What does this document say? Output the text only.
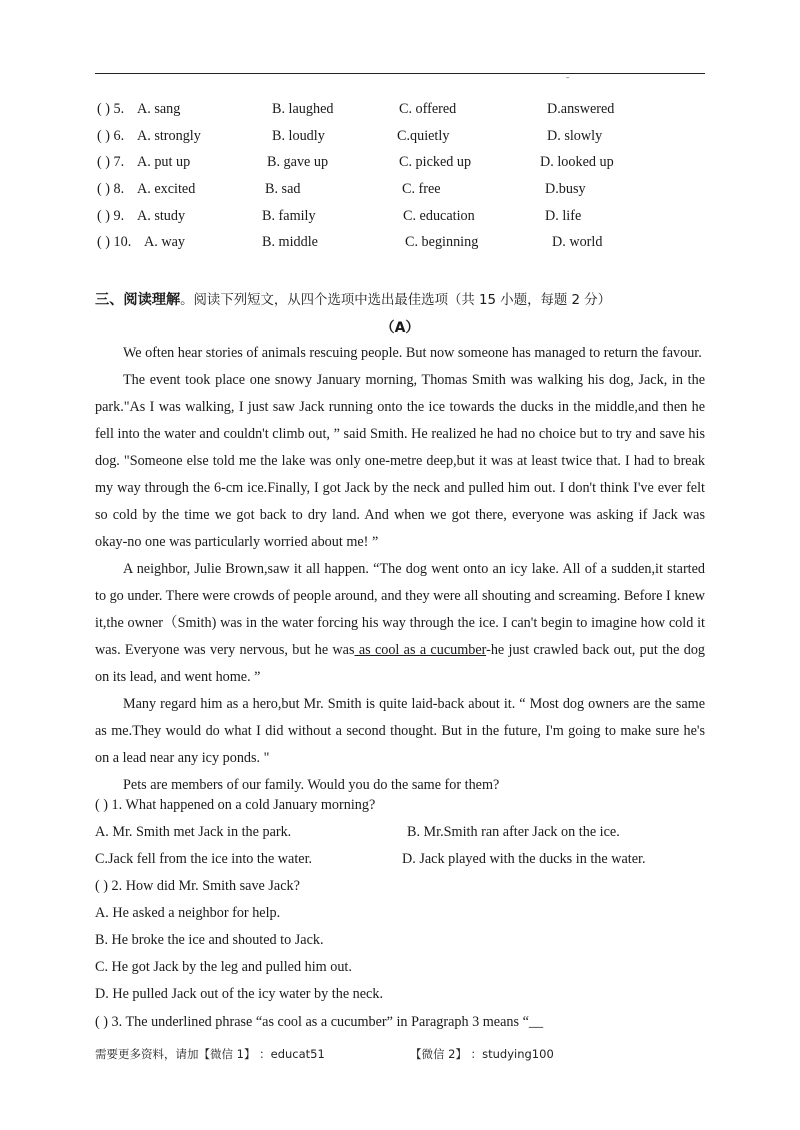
ˉ
( ) 5. A. sang	B. laughed	C. offered	D.answered
( ) 6. A. strongly	B. loudly	C.quietly	D. slowly
( ) 7. A. put up	B. gave up	C. picked up	D. looked up
( ) 8. A. excited	B. sad	C. free	D.busy
( ) 9. A. study	B. family	C. education	D. life
( ) 10. A. way	B. middle	C. beginning	D. world
三、阅读理解。阅读下列短文，从四个选项中选出最佳选项（共 15 小题，每题 2 分）
（A）

We often hear stories of animals rescuing people. But now someone has managed to return the favour.

The event took place one snowy January morning, Thomas Smith was walking his dog, Jack, in the park."As I was walking, I just saw Jack running onto the ice towards the ducks in the middle,and then he fell into the water and couldn't climb out, ” said Smith. He realized he had no choice but to try and save his dog. "Someone else told me the lake was only one-metre deep,but it was at least twice that. I had to break my way through the 6-cm ice.Finally, I got Jack by the neck and pulled him out. I don't think I've ever felt so cold by the time we got back to dry land. And when we got there, everyone was asking if Jack was okay-no one was particularly worried about me! ”

A neighbor, Julie Brown,saw it all happen. “The dog went onto an icy lake. All of a sudden,it started to go under. There were crowds of people around, and they were all shouting and screaming. Before I knew it,the owner（Smith) was in the water forcing his way through the ice. I can't begin to imagine how cold it was. Everyone was very nervous, but he was as cool as a cucumber-he just crawled back out, put the dog on its lead, and went home. ”

Many regard him as a hero,but Mr. Smith is quite laid-back about it. “ Most dog owners are the same as me.They would do what I did without a second thought. But in the future, I'm going to make sure he's on a lead near any icy ponds. "

Pets are members of our family. Would you do the same for them?

( ) 1. What happened on a cold January morning?
A. Mr. Smith met Jack in the park.	B. Mr.Smith ran after Jack on the ice.
C.Jack fell from the ice into the water.	D. Jack played with the ducks in the water.
( ) 2. How did Mr. Smith save Jack?
A. He asked a neighbor for help.
B. He broke the ice and shouted to Jack.
C. He got Jack by the leg and pulled him out.
D. He pulled Jack out of the icy water by the neck.
( ) 3. The underlined phrase “as cool as a cucumber” in Paragraph 3 means “__
需要更多资料，请加【微信 1】 ：educat51	【微信 2】 ：studying100
